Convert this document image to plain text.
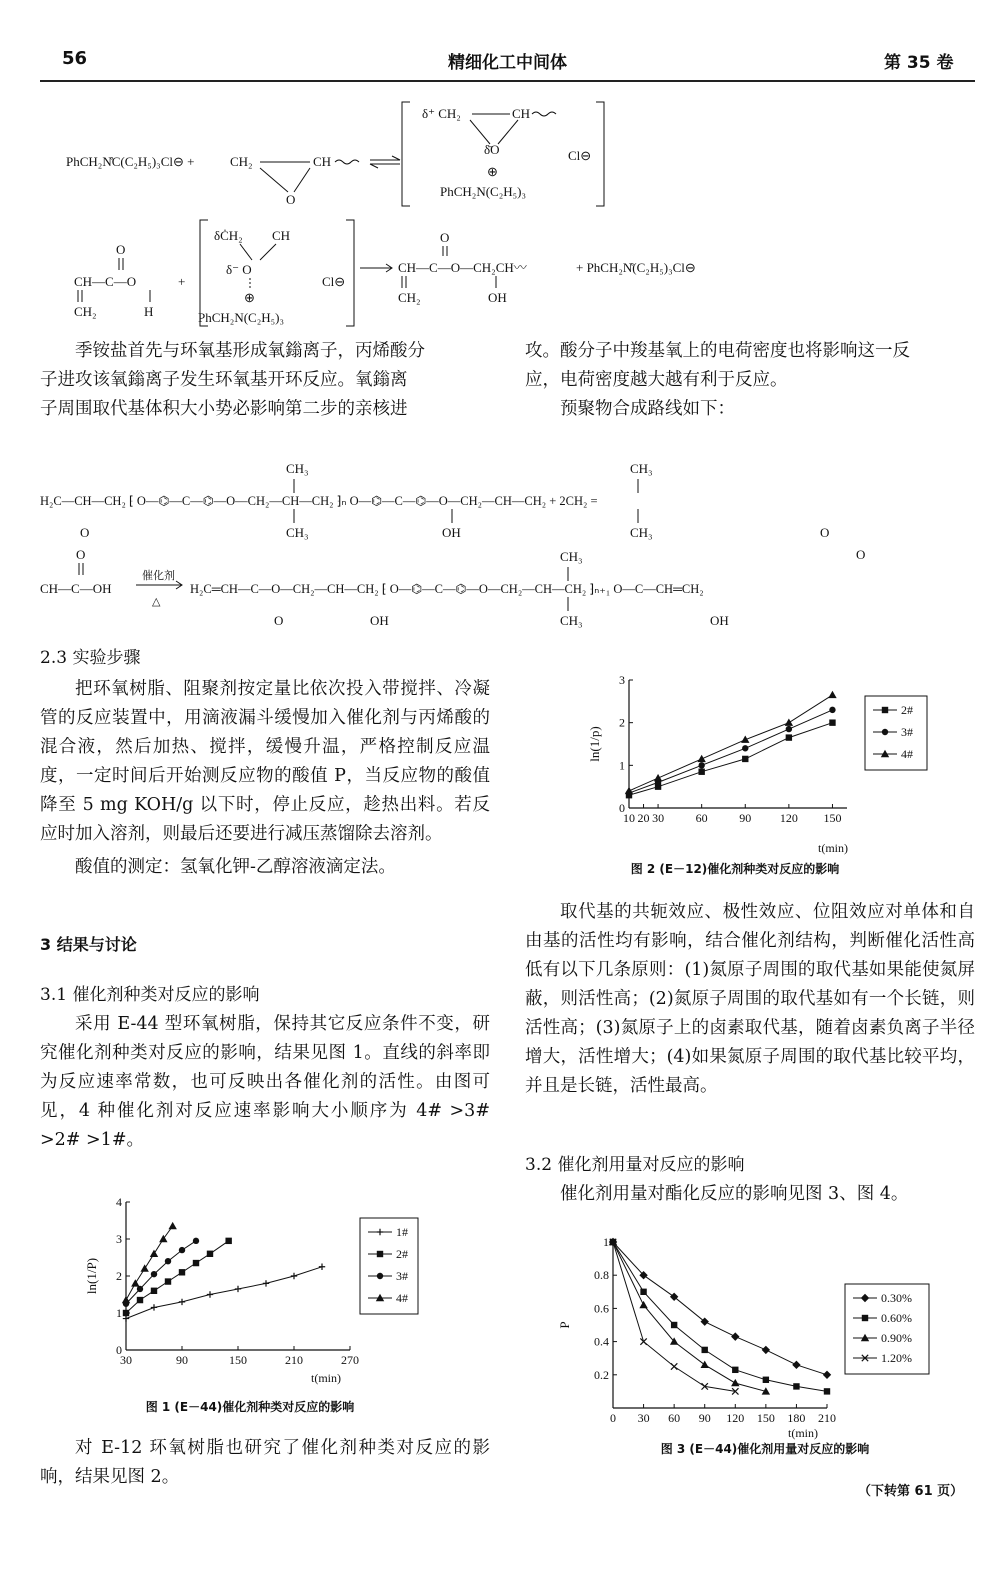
56	精细化工中间体	第 35 卷
PhCH₂N̊C(C₂H₅)₃Cl⊖ +	CH₂	CH
O
δ⁺ CH₂	CH
δ̄O
⊕
PhCH₂N(C₂H₅)₃
Cl⊖
O
CH—C—O
CH₂	H
+
δĊH₂ CH
δ⁻ O
⊕
PhCH₂N(C₂H₅)₃
Cl⊖
O
CH—C—O—CH₂CH〰
CH₂	OH
+ PhCH₂N̊(C₂H₅)₃Cl⊖

季铵盐首先与环氧基形成氧鎓离子，丙烯酸分

子进攻该氧鎓离子发生环氧基开环反应。氧鎓离

子周围取代基体积大小势必影响第二步的亲核进

攻。酸分子中羧基氧上的电荷密度也将影响这一反

应，电荷密度越大越有利于反应。

预聚物合成路线如下：

CH₃	CH₃
H₂C—CH—CH₂ ⁅ O—⌬—C—⌬—O—CH₂—CH—CH₂ ⁆ₙ O—⌬—C—⌬—O—CH₂—CH—CH₂ + 2CH₂ =
CH₃	CH₃
OH
O	O
O
CH—C—OH
催化剂
△
CH₃
H₂C═CH—C—O—CH₂—CH—CH₂ ⁅ O—⌬—C—⌬—O—CH₂—CH—CH₂ ⁆ₙ₊₁ O—C—CH═CH₂
CH₃
O	OH	OH
O
2.3 实验步骤

把环氧树脂、阻聚剂按定量比依次投入带搅拌、冷凝管的反应装置中，用滴液漏斗缓慢加入催化剂与丙烯酸的混合液，然后加热、搅拌，缓慢升温，严格控制反应温度，一定时间后开始测反应物的酸值 P，当反应物的酸值降至 5 mg KOH/g 以下时，停止反应，趁热出料。若反应时加入溶剂，则最后还要进行减压蒸馏除去溶剂。

酸值的测定：氢氧化钾-乙醇溶液滴定法。

3 结果与讨论
3.1 催化剂种类对反应的影响

采用 E-44 型环氧树脂，保持其它反应条件不变，研究催化剂种类对反应的影响，结果见图 1。直线的斜率即为反应速率常数，也可反映出各催化剂的活性。由图可见，4 种催化剂对反应速率影响大小顺序为 4# >3# >2# >1#。

30	90	150	210	270
0
1
2
3
4
t(min)
ln(1/P)
1#
2#
3#
4#
图 1 (E－44)催化剂种类对反应的影响

对 E-12 环氧树脂也研究了催化剂种类对反应的影响，结果见图 2。

10 20 30	60	90 120 150
0
1
2
3
t(min)
ln(1/p)
2#
3#
4#
图 2 (E－12)催化剂种类对反应的影响

取代基的共轭效应、极性效应、位阻效应对单体和自由基的活性均有影响，结合催化剂结构，判断催化活性高低有以下几条原则：(1)氮原子周围的取代基如果能使氮屏蔽，则活性高；(2)氮原子周围的取代基如有一个长链，则活性高；(3)氮原子上的卤素取代基，随着卤素负离子半径增大，活性增大；(4)如果氮原子周围的取代基比较平均，并且是长链，活性最高。

3.2 催化剂用量对反应的影响

催化剂用量对酯化反应的影响见图 3、图 4。

0 30 60 90 120 150 180 210
0.2
0.4
0.6
0.8
1
t(min)
P
0.30%
0.60%
0.90%
1.20%
图 3 (E－44)催化剂用量对反应的影响
（下转第 61 页）
